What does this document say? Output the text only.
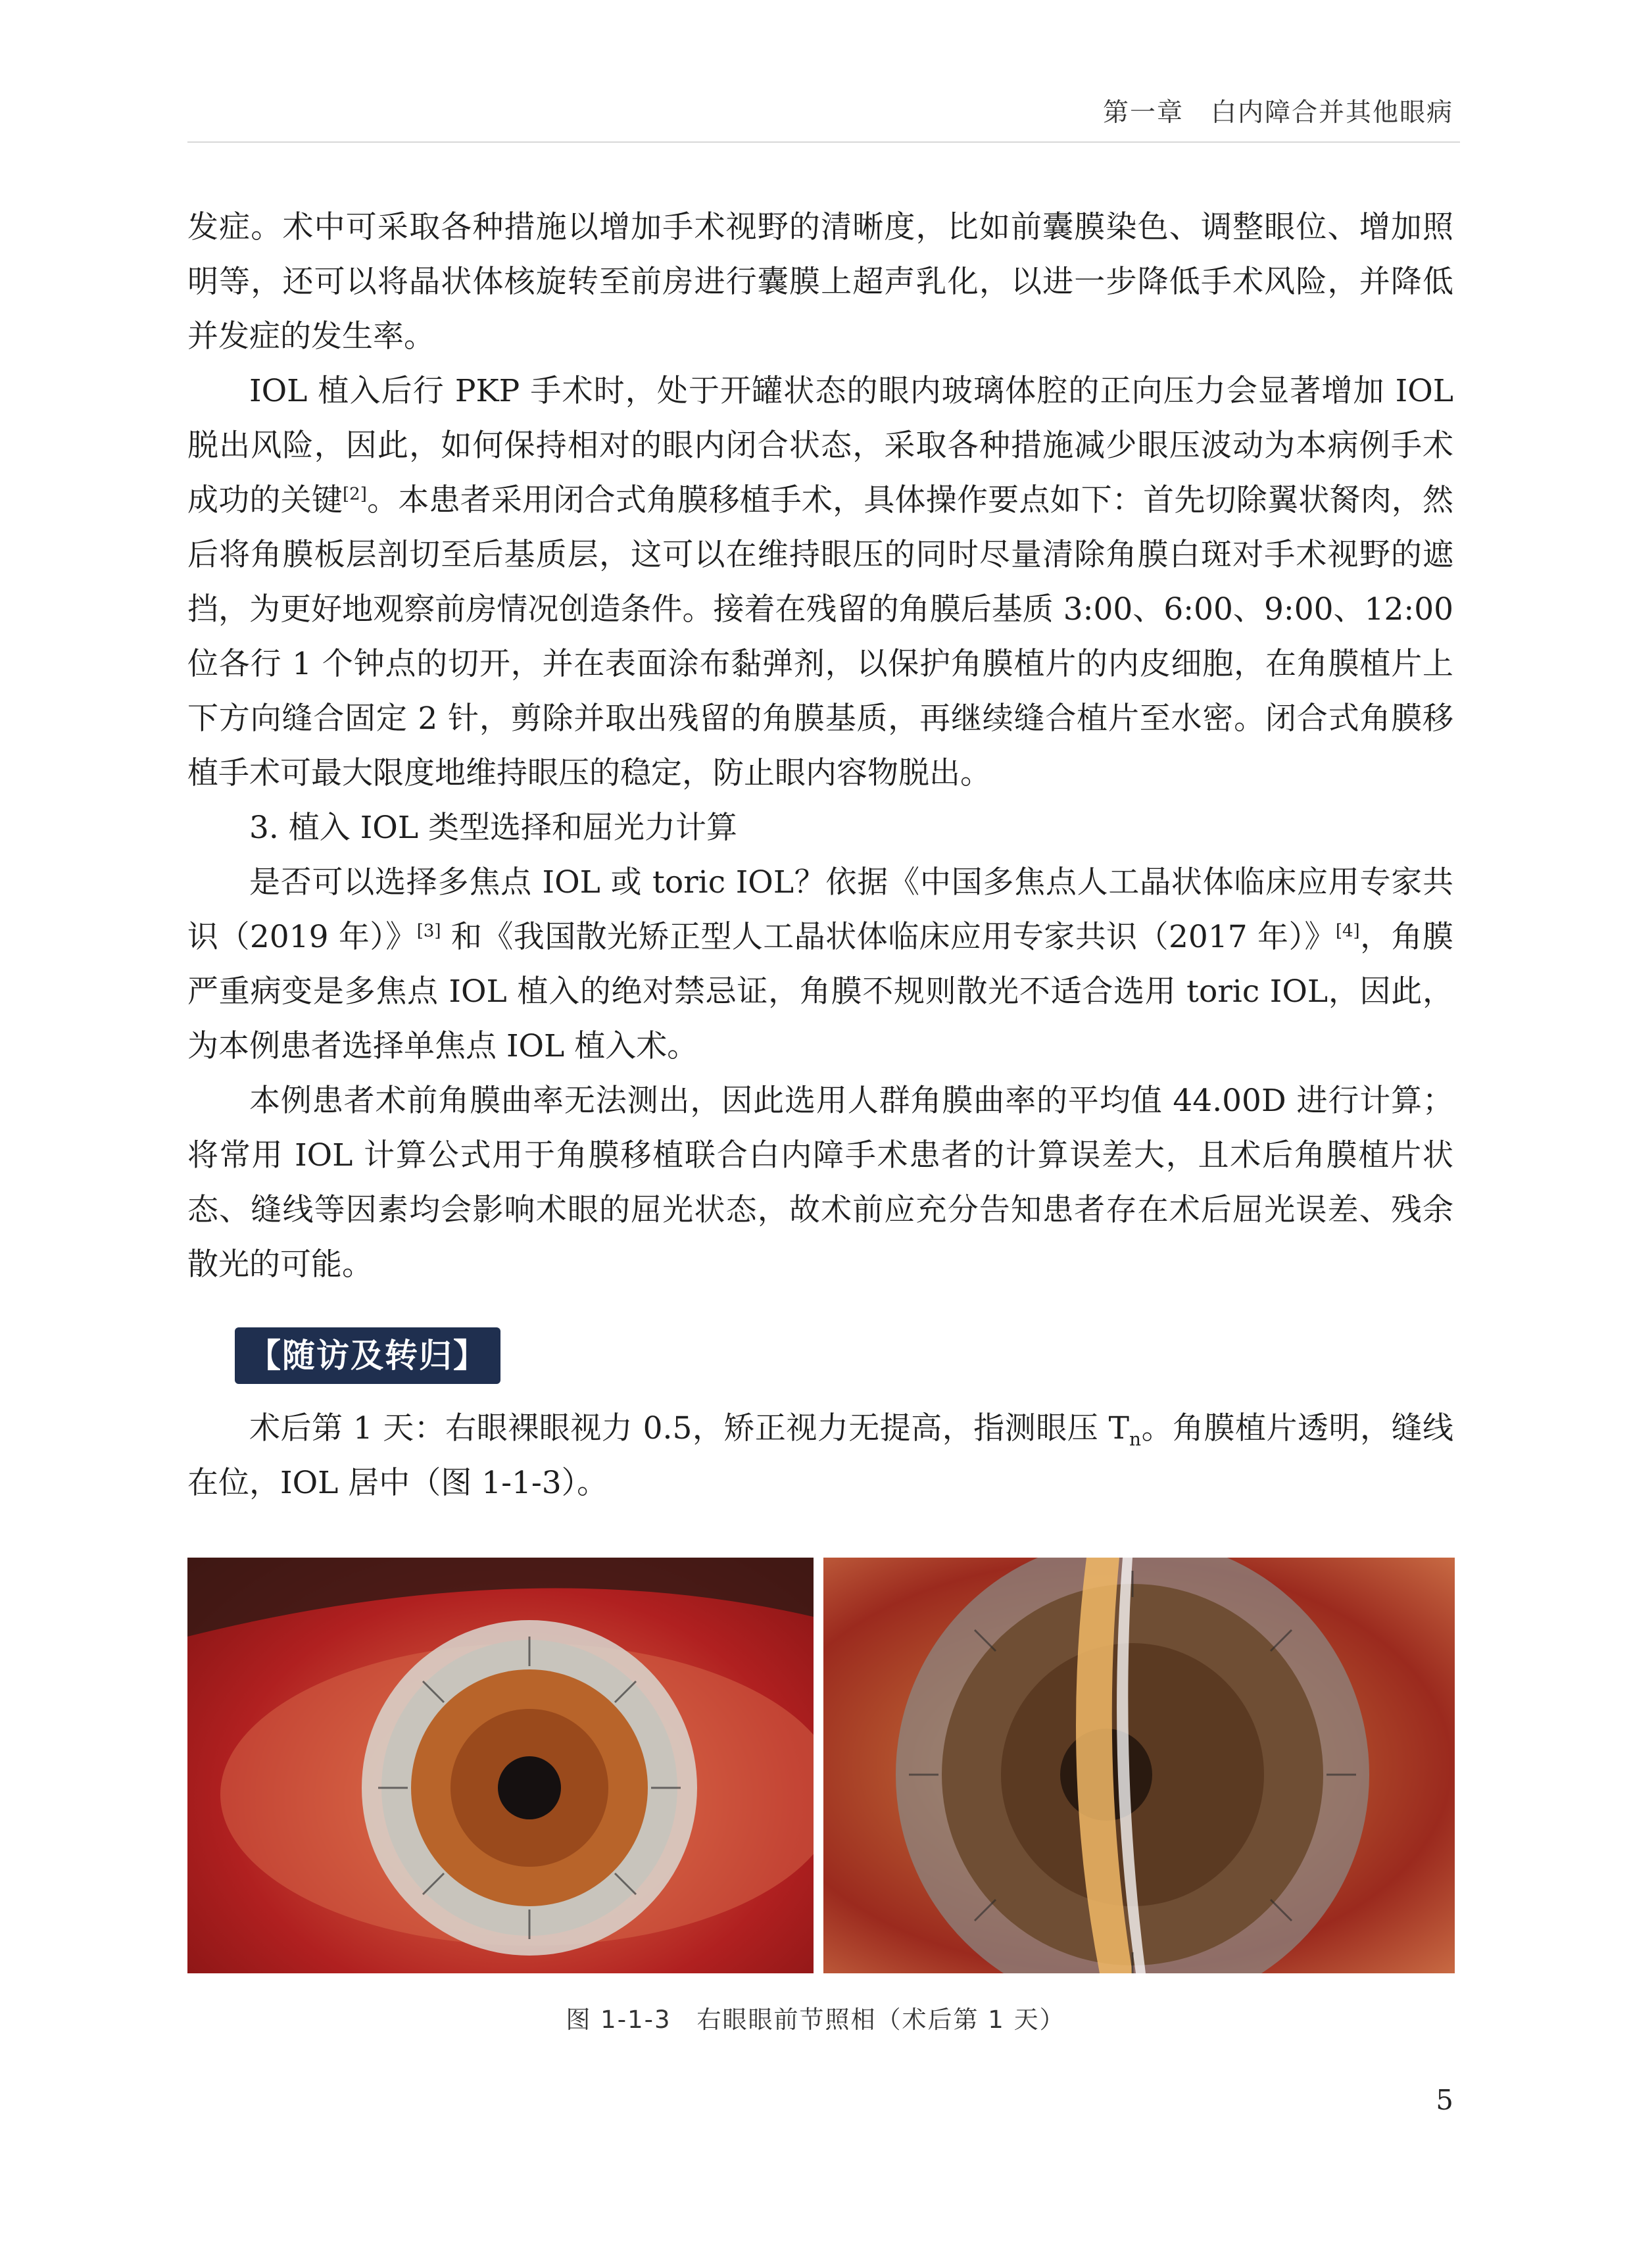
第一章　白内障合并其他眼病

发症。术中可采取各种措施以增加手术视野的清晰度，比如前囊膜染色、调整眼位、增加照明等，还可以将晶状体核旋转至前房进行囊膜上超声乳化，以进一步降低手术风险，并降低并发症的发生率。

IOL 植入后行 PKP 手术时，处于开罐状态的眼内玻璃体腔的正向压力会显著增加 IOL 脱出风险，因此，如何保持相对的眼内闭合状态，采取各种措施减少眼压波动为本病例手术成功的关键[2]。本患者采用闭合式角膜移植手术，具体操作要点如下：首先切除翼状胬肉，然后将角膜板层剖切至后基质层，这可以在维持眼压的同时尽量清除角膜白斑对手术视野的遮挡，为更好地观察前房情况创造条件。接着在残留的角膜后基质 3:00、6:00、9:00、12:00 位各行 1 个钟点的切开，并在表面涂布黏弹剂，以保护角膜植片的内皮细胞，在角膜植片上下方向缝合固定 2 针，剪除并取出残留的角膜基质，再继续缝合植片至水密。闭合式角膜移植手术可最大限度地维持眼压的稳定，防止眼内容物脱出。

3. 植入 IOL 类型选择和屈光力计算

是否可以选择多焦点 IOL 或 toric IOL？依据《中国多焦点人工晶状体临床应用专家共识（2019 年）》[3] 和《我国散光矫正型人工晶状体临床应用专家共识（2017 年）》[4]，角膜严重病变是多焦点 IOL 植入的绝对禁忌证，角膜不规则散光不适合选用 toric IOL，因此，为本例患者选择单焦点 IOL 植入术。

本例患者术前角膜曲率无法测出，因此选用人群角膜曲率的平均值 44.00D 进行计算；将常用 IOL 计算公式用于角膜移植联合白内障手术患者的计算误差大，且术后角膜植片状态、缝线等因素均会影响术眼的屈光状态，故术前应充分告知患者存在术后屈光误差、残余散光的可能。

【随访及转归】

术后第 1 天：右眼裸眼视力 0.5，矫正视力无提高，指测眼压 $T_n$。角膜植片透明，缝线在位，IOL 居中（图 1-1-3）。

图 1-1-3　右眼眼前节照相（术后第 1 天）
5
